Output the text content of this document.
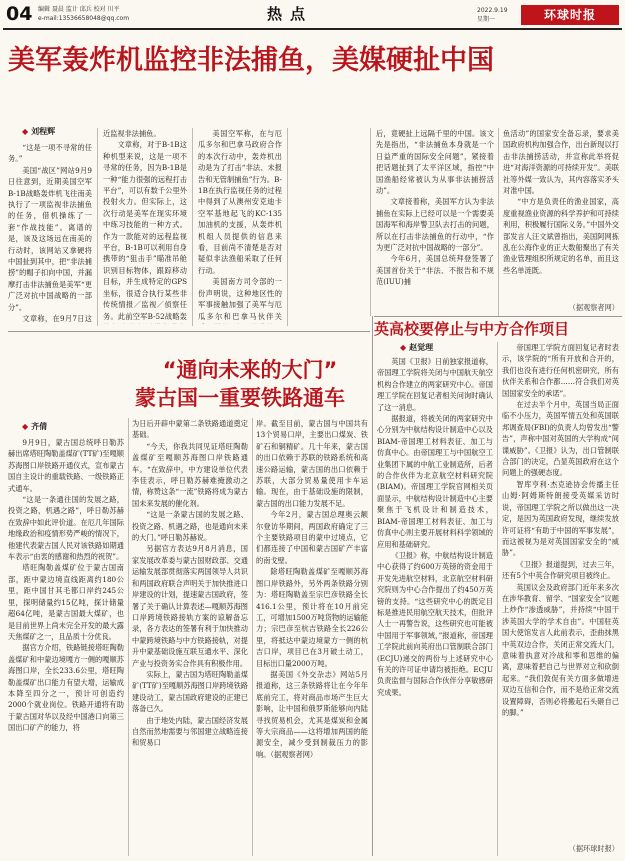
04 编辑 聂晨 监计 邱兵 校对 川平
e-mail:13536658048@qq.com	热点	2022.9.19
星期一	环球时报
美军轰炸机监控非法捕鱼，美媒硬扯中国
◆ 刘程辉

“这是一项不寻常的任务。”

美国“战区”网站9月9日往意到，近期美国空军B-1B战略轰炸机飞往南美执行了一项监视非法捕鱼的任务，借机操练了一套“作战技能”。离谱的是，该及这场远在南美的行动时，该网站又拿硬将中国扯到其中，把“非法捕捞”的帽子扣向中国，并漏摩打击非法捕鱼是美军“更广泛对抗中国战略的一部分”。

文章称，在9月7日这

近监视非法捕鱼。

文章称，对于B-1B这种机型来说，这是一项不寻常的任务，因为B-1B是一种“能力很强的远程打击平台”，可以有数千公里外投射火力。但实际上，这次行动是美军在现实环境中练习技能的一种方式。作为一款能对的远程监视平台，B-1B可以利用自身携带的“狙击手”瞄准吊舱识别目标物体，跟踪移动目标，并生成特定的GPS坐标，很适合执行某些非传统情报／监视／侦察任务。此前空军B-52战略轰

美国空军称，在与厄瓜多尔和巴拿马政府合作的本次行动中，轰炸机出动是为了打击“非法、未报告和无管制捕鱼”行为。B-1B在执行监视任务的过程中得到了从澳州安克迪卡空军基地起飞的KC-135加油机的支援，从轰炸机机组人员提供的信息来看，目前尚不清楚是否对疑似非法渔船采取了任何行动。

美国南方司令部的一份声明说，这种地区性的军事接触加强了美军与厄瓜多尔和巴拿马伙伴关

后，竟硬扯上远隔千里的中国。该文先是指出，“非法捕鱼本身就是一个日益严重的国际安全问题”，紧接着把话题扯到了太平洋区域，指控“中国渔船经常被认为从事非法捕捞活动”。

文章接着称，美国军方认为非法捕鱼在实际上已经可以是一个需要美国海军和海岸警卫队去打击的问题，所以在打击非法捕鱼的行动中，“作为更广泛对抗中国战略的一部分”。

今年6月，美国总统拜登签署了美国首份关于“非法、不报告和不规范(IUU)捕

鱼活动”的国家安全备忘录，要求美国政府机构加强合作，出台新现以打击非法捕捞活动，并宣称此举将促进“对海洋资源的可持续开发”。美联社等外媒一致认为，其内容落实矛头对准中国。

“中方是负责任的渔业国家，高度重视渔业资源的科学养护和可持续利用，积极履行国际义务。”中国外交部发言人汪文斌曾指出，美国阿网拣乱在公海作业的正大数船聚出了有关渔业管理组织所规定的名单，而且这些名单涟既。

（据观察者网）
“通向未来的大门”
蒙古国一重要铁路通车
◆ 齐倩

9月9日，蒙古国总统呼日勒苏赫出席塔旺陶勒盖煤矿(TT矿)至嘎顺苏海图口岸铁路开通仪式，宣布蒙古国自主设计的重载铁路、一级铁路正式通车。

“这是一条通往国的发展之路，投资之路，机遇之路”，呼日勒苏赫在致辞中如此评价道。在厄几年国际地缘政治和疫情形势严峻的情况下，他建代表蒙古国人民对该铁路如期通车表示“由衷的感谢和热烈的祝贺”。

塔旺陶勒盖煤矿位于蒙古国南部，距中蒙边境直线距离约180公里，距中国甘其毛都口岸约245公里，探明储量约15亿吨，探计储量超64亿吨，是蒙古国最大煤矿，也是目前世界上尚未完全开发的最大露天焦煤矿之一，且品质十分优良。

据官方介绍，铁路链接塔旺陶勒盖煤矿和中蒙边境嘎方一侧的嘎顺苏海图口岸，全长233.6公里，塔旺陶勒盖煤矿出口能力有望大增，运输成本降至四分之一，预计可创造约2000个就业岗位。铁路开通将有助于蒙古国对华以及经中国港口向第三国出口矿产的能力，将

为日后开辟中蒙第二条铁路通道奠定基础。

“今天，你我共同见证塔旺陶勒盖煤矿至嘎顺苏海图口岸铁路通车。“在致辞中，中方建设单位代表李佳表示，呼日勒苏赫难掩激动之情，称赞这条“一流”铁路将成为蒙古国未来发展的催化剂。

“这是一条蒙古国的发展之路、投资之路、机遇之路，也是通向未来的大门。”呼日勒苏赫说。

另据官方表达9月8月消息，国家发展改革委与蒙古国财政部、交通运输发展部贯彻落实两国领导人共识和两国政府联合声明关于加快推进口岸建设的计划，提速蒙古国政府，签署了关于确认计算表述—嘎顺苏海图口岸跨境铁路接轨方案的谅解备忘录，各方表达的签署有利于加快推动中蒙跨境铁路与中方铁路接轨，对提升中蒙基础设施互联互通水平、深化产业与投资务实合作具有积极作用。

实际上，蒙古国为塔旺陶勒盖煤矿(TT矿)至嘎顺苏海图口岸跨境铁路建设动工，蒙古国政府建设的正建已落备已久。

由于地处内陆，蒙古国经济发展自然而然地需要与邻国建立战略连接和贸易口

岸。截至目前，蒙古国与中国共有13个贸易口岸，主要出口煤炭、铁矿石和铜精矿。几十年来，蒙古国的出口依赖于苏联的铁路系统和高速公路运输，蒙古国的出口依赖于苏联，大部分贸易量使用卡车运输。现在，由于基础设施的限制，蒙古国的出口能力发展不足。

今年2月，蒙古国总理奥云额尔登访华期间，两国政府确定了三个主要铁路项目的蒙中过境点，它们都连接了中国和蒙古国矿产丰富的南戈壁。

除塔旺陶勒盖煤矿至嘎顺苏海图口岸铁路外，另外两条铁路分别为：塔旺陶勒盖至宗巴彦铁路全长416.1公里，预计将在10月前完工，可增加1500万吨货物的运输能力；宗巴彦至杭吉铁路全长226公里，将抵达中蒙边境蒙方一侧的杭吉口岸，项目已在3月破土动工，目标出口量2000万吨。

据美国《外交杂志》网站5月报道称，这三条铁路将让在今年年底前完工，将对商品市场产生巨大影响，让中国和俄罗斯能够向内陆寻找贸易机会，尤其是煤炭和金属等大宗商品——这将增加两国的能源安全，减少受到制裁压力的影响。（据观察者网）

英高校要停止与中方合作项目
◆ 赵觉理

英国《卫报》日前独家报道称，帝国理工学院将关闭与中国航天航空机构合作建立的两家研究中心。帝国理工学院在回复记者相关问询时确认了这一消息。

据报道，将被关闭的两家研究中心分别为中航结构设计制造中心以及BIAM-帝国理工材料表征、加工与仿真中心。由帝国理工与中国航空工业集团下属的中航工业制造所，后者的合作伙伴为北京航空材料研究院(BIAM)。帝国理工学院官网相关页面显示，中航结构设计制造中心主要聚焦于飞机设计和制造技术，BIAM-帝国理工材料表征、加工与仿真中心则主要开展材料科学领域的应用和基础研究。

《卫报》称，中航结构设计制造中心获得了约600万英镑的资金用于开发先进航空材料，北京航空材料研究院则为中心合作提出了约450万英镑的支持。“这些研究中心的既定目标是推进民用航空航天技术，但批评人士一再警告说，这些研究也可能被中国用于军事领域，”报道称，帝国理工学院此前向英府出口管制联合部门(ECJU)递交的两份与上述研究中心有关的许可证申请均被拒绝。ECJU负责监督与国际合作伙伴分享敏感研究成果。

帝国理工学院方面回复记者时表示，该学院的“所有开放和合开的，我们也没有进行任何机密研究，所有伙伴关系和合作都……符合我们对英国国家安全的承诺”。

在过去半个月中，英国当局正面临不小压力，英国军情五处和英国联邦调查局(FBI)的负责人均曾发出“警告”，声称中国对英国的大学构成“间谍威胁”。《卫报》认为，出口管制联合部门的决定，凸显英国政府在这个问题上的强硬态度。

智库亨利·杰克逊协会传播主任山姆·阿姆斯特朗接受英媒采访时说，帝国理工学院之所以做出这一决定，是因为英国政府发现，继续发放许可证将“有助于中国的军事发展”，而这被视为是对英国国家安全的“威胁”。

《卫报》报道提到，过去三年，还有5个中英合作研究项目被终止。

英国议会及政府部门近年来多次在涉华教育、留学、“国家安全”议题上炒作“渗透威胁”，并持续“中国干涉英国大学的学术自由”。中国驻英国大使馆发言人此前表示，歪曲抹黑中英双边合作，关闭正常交流大门，意味着执意对冷战和零和思维的偏离，意味着把自己与世界对立和砍倒起来。“我们敦促有关方面多做增进双边互信和合作，而不是给正常交流设置障碍，否则必将搬起石头砸自己的脚。”

（据环球时报）
